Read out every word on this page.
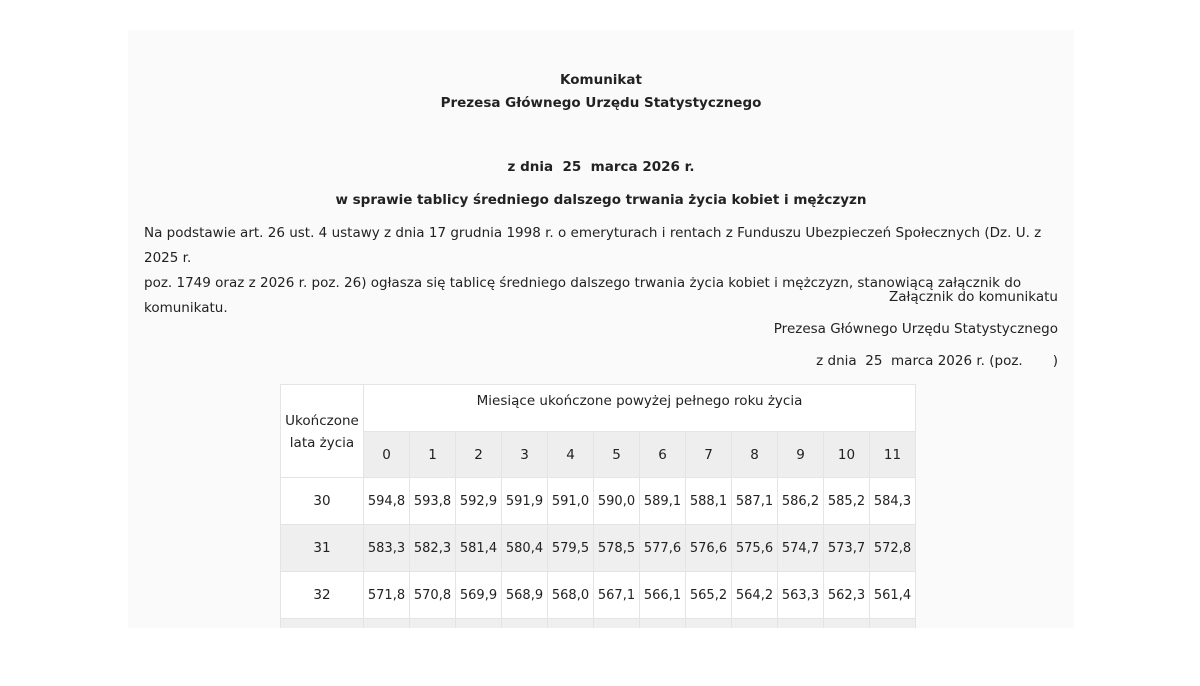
Komunikat
Prezesa Głównego Urzędu Statystycznego
z dnia  25  marca 2026 r.
w sprawie tablicy średniego dalszego trwania życia kobiet i mężczyzn
Na podstawie art. 26 ust. 4 ustawy z dnia 17 grudnia 1998 r. o emeryturach i rentach z Funduszu Ubezpieczeń Społecznych (Dz. U. z 2025 r.
poz. 1749 oraz z 2026 r. poz. 26) ogłasza się tablicę średniego dalszego trwania życia kobiet i mężczyzn, stanowiącą załącznik do komunikatu.
Załącznik do komunikatu
Prezesa Głównego Urzędu Statystycznego
z dnia  25  marca 2026 r. (poz. )
Ukończone
lata życia	Miesiące ukończone powyżej pełnego roku życia											
	0	1	2	3	4	5	6	7	8	9	10	11
30	594,8	593,8	592,9	591,9	591,0	590,0	589,1	588,1	587,1	586,2	585,2	584,3
31	583,3	582,3	581,4	580,4	579,5	578,5	577,6	576,6	575,6	574,7	573,7	572,8
32	571,8	570,8	569,9	568,9	568,0	567,1	566,1	565,2	564,2	563,3	562,3	561,4
